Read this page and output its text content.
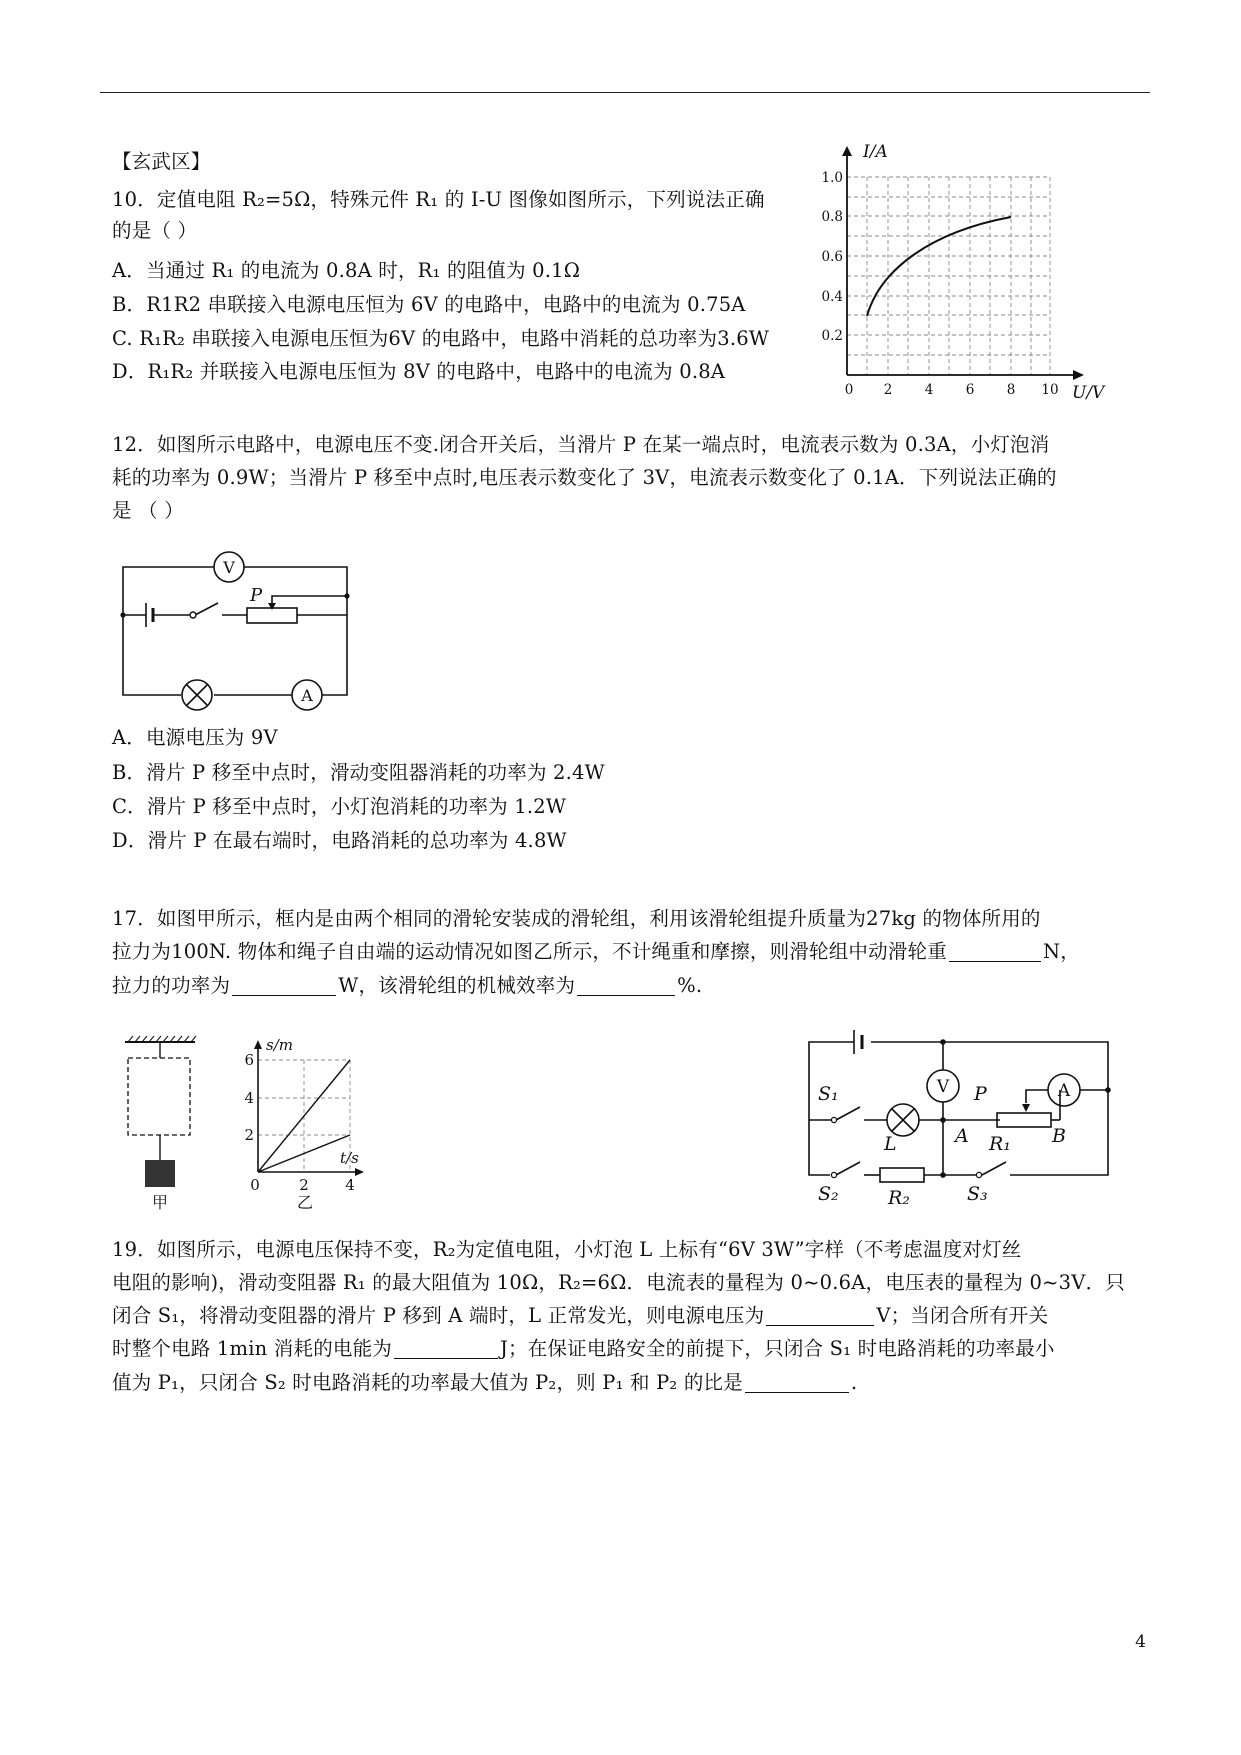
【玄武区】
10．定值电阻 R₂=5Ω，特殊元件 R₁ 的 I-U 图像如图所示，下列说法正确
的是（ ）
A．当通过 R₁ 的电流为 0.8A 时，R₁ 的阻值为 0.1Ω
B．R1R2 串联接入电源电压恒为 6V 的电路中，电路中的电流为 0.75A
C. R₁R₂ 串联接入电源电压恒为6V 的电路中，电路中消耗的总功率为3.6W
D．R₁R₂ 并联接入电源电压恒为 8V 的电路中，电路中的电流为 0.8A
I/A
U/V
1.0
0.8
0.6
0.4
0.2
0 2 4 6 8 10
12．如图所示电路中，电源电压不变.闭合开关后，当滑片 P 在某一端点时，电流表示数为 0.3A，小灯泡消
耗的功率为 0.9W；当滑片 P 移至中点时,电压表示数变化了 3V，电流表示数变化了 0.1A．下列说法正确的
是 （ ）
V
A
P
A．电源电压为 9V
B．滑片 P 移至中点时，滑动变阻器消耗的功率为 2.4W
C．滑片 P 移至中点时，小灯泡消耗的功率为 1.2W
D．滑片 P 在最右端时，电路消耗的总功率为 4.8W
17．如图甲所示，框内是由两个相同的滑轮安装成的滑轮组，利用该滑轮组提升质量为27kg 的物体所用的
拉力为100N. 物体和绳子自由端的运动情况如图乙所示，不计绳重和摩擦，则滑轮组中动滑轮重	N，
拉力的功率为	W，该滑轮组的机械效率为	%.
甲
s/m
t/s
6
4
2
0	2 4
乙
V	A
S₁
S₂	S₃
L	R₁
R₂
P
A	B
19．如图所示，电源电压保持不变，R₂为定值电阻，小灯泡 L 上标有“6V 3W”字样（不考虑温度对灯丝
电阻的影响)，滑动变阻器 R₁ 的最大阻值为 10Ω，R₂=6Ω．电流表的量程为 0~0.6A，电压表的量程为 0~3V．只
闭合 S₁，将滑动变阻器的滑片 P 移到 A 端时，L 正常发光，则电源电压为	V；当闭合所有开关
时整个电路 1min 消耗的电能为	J；在保证电路安全的前提下，只闭合 S₁ 时电路消耗的功率最小
值为 P₁，只闭合 S₂ 时电路消耗的功率最大值为 P₂，则 P₁ 和 P₂ 的比是	.
4
